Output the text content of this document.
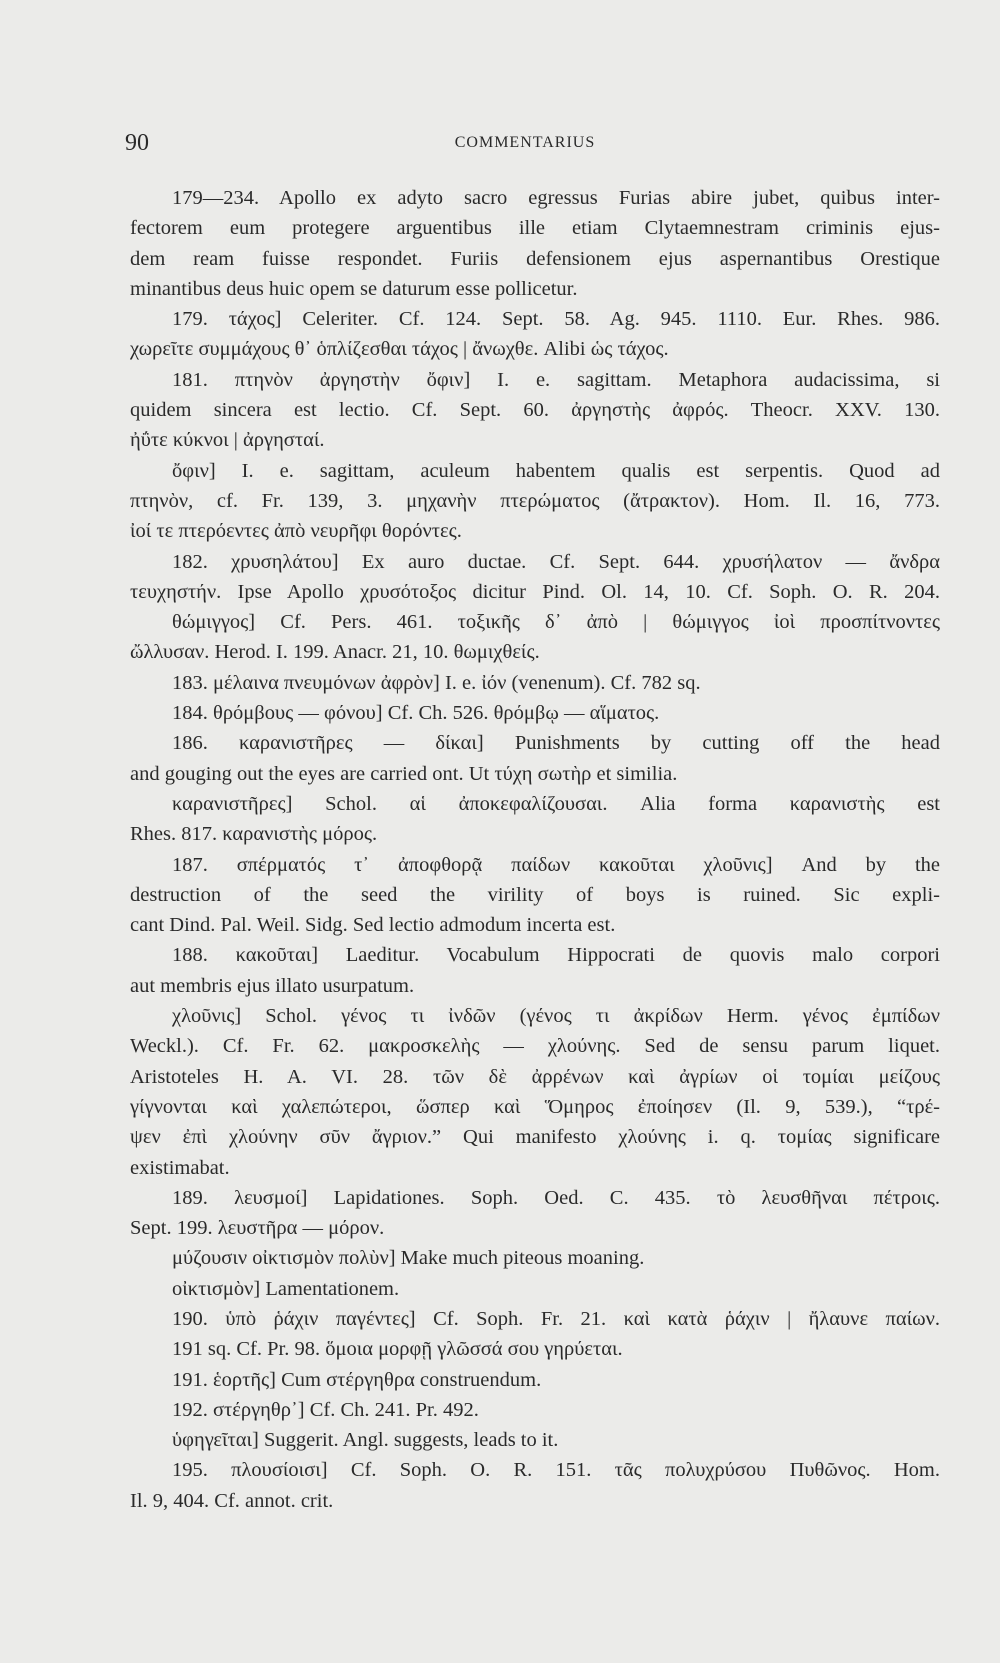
90	COMMENTARIUS
179—234. Apollo ex adyto sacro egressus Furias abire jubet, quibus inter-
fectorem eum protegere arguentibus ille etiam Clytaemnestram criminis ejus-
dem ream fuisse respondet. Furiis defensionem ejus aspernantibus Orestique
minantibus deus huic opem se daturum esse pollicetur.
179. τάχος] Celeriter. Cf. 124. Sept. 58. Ag. 945. 1110. Eur. Rhes. 986.
χωρεῖτε συμμάχους θ᾽ ὁπλίζεσθαι τάχος | ἄνωχθε. Alibi ὡς τάχος.
181. πτηνὸν ἀργηστὴν ὄφιν] I. e. sagittam. Metaphora audacissima, si
quidem sincera est lectio. Cf. Sept. 60. ἀργηστὴς ἀφρός. Theocr. XXV. 130.
ἠΰτε κύκνοι | ἀργησταί.
ὄφιν] I. e. sagittam, aculeum habentem qualis est serpentis. Quod ad
πτηνὸν, cf. Fr. 139, 3. μηχανὴν πτερώματος (ἄτρακτον). Hom. Il. 16, 773.
ἰοί τε πτερόεντες ἀπὸ νευρῆφι θορόντες.
182. χρυσηλάτου] Ex auro ductae. Cf. Sept. 644. χρυσήλατον — ἄνδρα
τευχηστήν. Ipse Apollo χρυσότοξος dicitur Pind. Ol. 14, 10. Cf. Soph. O. R. 204.
θώμιγγος] Cf. Pers. 461. τοξικῆς δ᾽ ἀπὸ | θώμιγγος ἰοὶ προσπίτνοντες
ὤλλυσαν. Herod. I. 199. Anacr. 21, 10. θωμιχθείς.
183. μέλαινα πνευμόνων ἀφρὸν] I. e. ἰόν (venenum). Cf. 782 sq.
184. θρόμβους — φόνου] Cf. Ch. 526. θρόμβῳ — αἵματος.
186. καρανιστῆρες — δίκαι] Punishments by cutting off the head
and gouging out the eyes are carried ont. Ut τύχη σωτὴρ et similia.
καρανιστῆρες] Schol. αἱ ἀποκεφαλίζουσαι. Alia forma καρανιστὴς est
Rhes. 817. καρανιστὴς μόρος.
187. σπέρματός τ᾽ ἀποφθορᾷ παίδων κακοῦται χλοῦνις] And by the
destruction of the seed the virility of boys is ruined. Sic expli-
cant Dind. Pal. Weil. Sidg. Sed lectio admodum incerta est.
188. κακοῦται] Laeditur. Vocabulum Hippocrati de quovis malo corpori
aut membris ejus illato usurpatum.
χλοῦνις] Schol. γένος τι ἰνδῶν (γένος τι ἀκρίδων Herm. γένος ἐμπίδων
Weckl.). Cf. Fr. 62. μακροσκελὴς — χλούνης. Sed de sensu parum liquet.
Aristoteles H. A. VI. 28. τῶν δὲ ἀρρένων καὶ ἀγρίων οἱ τομίαι μείζους
γίγνονται καὶ χαλεπώτεροι, ὥσπερ καὶ Ὅμηρος ἐποίησεν (Il. 9, 539.), “τρέ-
ψεν ἐπὶ χλούνην σῦν ἄγριον.” Qui manifesto χλούνης i. q. τομίας significare
existimabat.
189. λευσμοί] Lapidationes. Soph. Oed. C. 435. τὸ λευσθῆναι πέτροις.
Sept. 199. λευστῆρα — μόρον.
μύζουσιν οἰκτισμὸν πολὺν] Make much piteous moaning.
οἰκτισμὸν] Lamentationem.
190. ὑπὸ ῥάχιν παγέντες] Cf. Soph. Fr. 21. καὶ κατὰ ῥάχιν | ἤλαυνε παίων.
191 sq. Cf. Pr. 98. ὅμοια μορφῇ γλῶσσά σου γηρύεται.
191. ἑορτῆς] Cum στέργηθρα construendum.
192. στέργηθρ᾽] Cf. Ch. 241. Pr. 492.
ὑφηγεῖται] Suggerit. Angl. suggests, leads to it.
195. πλουσίοισι] Cf. Soph. O. R. 151. τᾶς πολυχρύσου Πυθῶνος. Hom.
Il. 9, 404. Cf. annot. crit.
